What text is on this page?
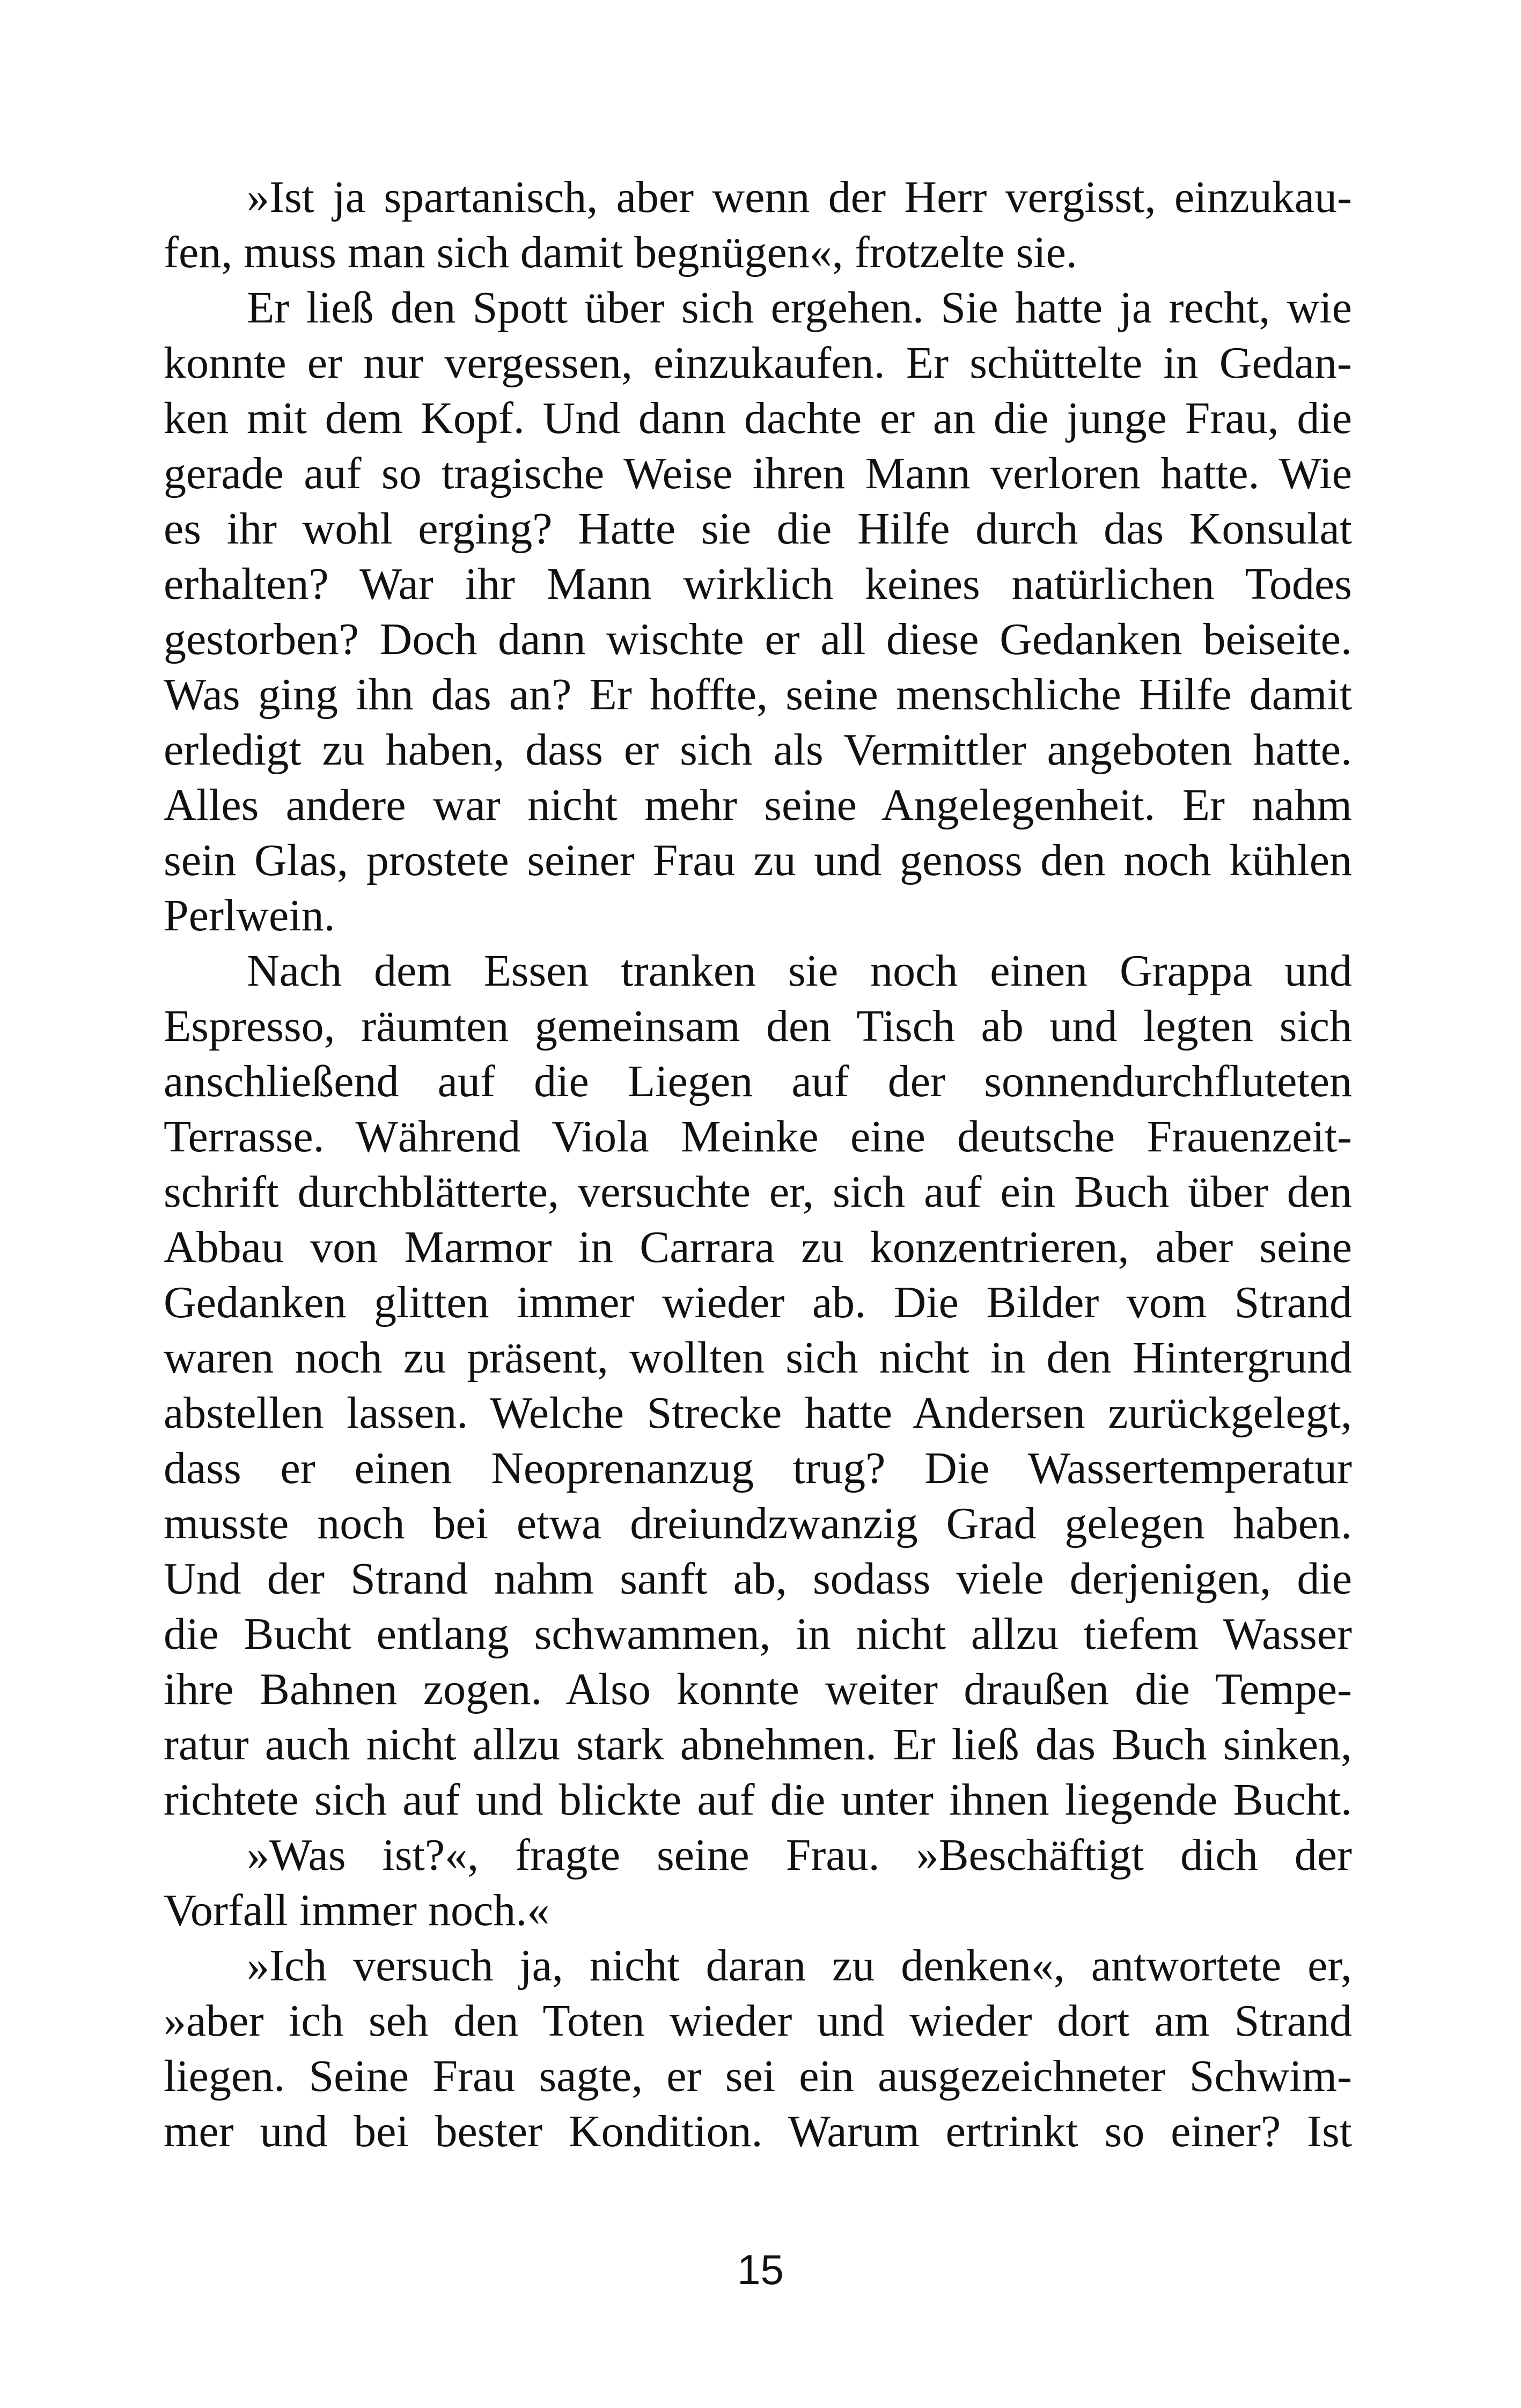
»Ist ja spartanisch, aber wenn der Herr vergisst, einzukau-
fen, muss man sich damit begnügen«, frotzelte sie.
Er ließ den Spott über sich ergehen. Sie hatte ja recht, wie
konnte er nur vergessen, einzukaufen. Er schüttelte in Gedan-
ken mit dem Kopf. Und dann dachte er an die junge Frau, die
gerade auf so tragische Weise ihren Mann verloren hatte. Wie
es ihr wohl erging? Hatte sie die Hilfe durch das Konsulat
erhalten? War ihr Mann wirklich keines natürlichen Todes
gestorben? Doch dann wischte er all diese Gedanken beiseite.
Was ging ihn das an? Er hoffte, seine menschliche Hilfe damit
erledigt zu haben, dass er sich als Vermittler angeboten hatte.
Alles andere war nicht mehr seine Angelegenheit. Er nahm
sein Glas, prostete seiner Frau zu und genoss den noch kühlen
Perlwein.
Nach dem Essen tranken sie noch einen Grappa und
Espresso, räumten gemeinsam den Tisch ab und legten sich
anschließend auf die Liegen auf der sonnendurchfluteten
Terrasse. Während Viola Meinke eine deutsche Frauenzeit-
schrift durchblätterte, versuchte er, sich auf ein Buch über den
Abbau von Marmor in Carrara zu konzentrieren, aber seine
Gedanken glitten immer wieder ab. Die Bilder vom Strand
waren noch zu präsent, wollten sich nicht in den Hintergrund
abstellen lassen. Welche Strecke hatte Andersen zurückgelegt,
dass er einen Neoprenanzug trug? Die Wassertemperatur
musste noch bei etwa dreiundzwanzig Grad gelegen haben.
Und der Strand nahm sanft ab, sodass viele derjenigen, die
die Bucht entlang schwammen, in nicht allzu tiefem Wasser
ihre Bahnen zogen. Also konnte weiter draußen die Tempe-
ratur auch nicht allzu stark abnehmen. Er ließ das Buch sinken,
richtete sich auf und blickte auf die unter ihnen liegende Bucht.
»Was ist?«, fragte seine Frau. »Beschäftigt dich der
Vorfall immer noch.«
»Ich versuch ja, nicht daran zu denken«, antwortete er,
»aber ich seh den Toten wieder und wieder dort am Strand
liegen. Seine Frau sagte, er sei ein ausgezeichneter Schwim-
mer und bei bester Kondition. Warum ertrinkt so einer? Ist
15
